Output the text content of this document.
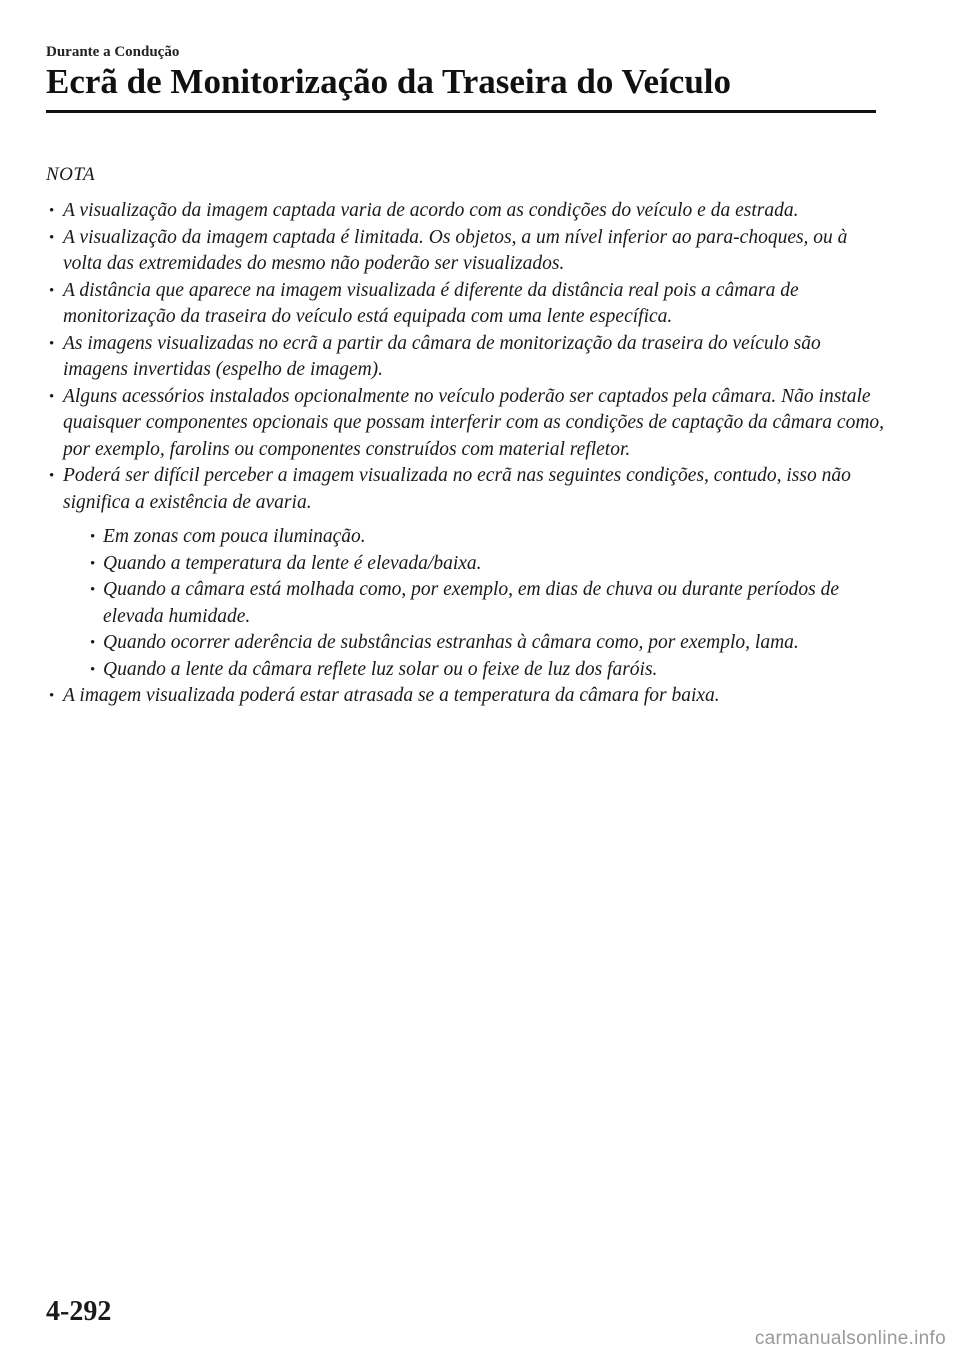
Durante a Condução
Ecrã de Monitorização da Traseira do Veículo
NOTA
• A visualização da imagem captada varia de acordo com as condições do veículo e da estrada.
• A visualização da imagem captada é limitada. Os objetos, a um nível inferior ao para-choques, ou à volta das extremidades do mesmo não poderão ser visualizados.
• A distância que aparece na imagem visualizada é diferente da distância real pois a câmara de monitorização da traseira do veículo está equipada com uma lente específica.
• As imagens visualizadas no ecrã a partir da câmara de monitorização da traseira do veículo são imagens invertidas (espelho de imagem).
• Alguns acessórios instalados opcionalmente no veículo poderão ser captados pela câmara. Não instale quaisquer componentes opcionais que possam interferir com as condições de captação da câmara como, por exemplo, farolins ou componentes construídos com material refletor.
• Poderá ser difícil perceber a imagem visualizada no ecrã nas seguintes condições, contudo, isso não significa a existência de avaria.
• Em zonas com pouca iluminação.
• Quando a temperatura da lente é elevada/baixa.
• Quando a câmara está molhada como, por exemplo, em dias de chuva ou durante períodos de elevada humidade.
• Quando ocorrer aderência de substâncias estranhas à câmara como, por exemplo, lama.
• Quando a lente da câmara reflete luz solar ou o feixe de luz dos faróis.
• A imagem visualizada poderá estar atrasada se a temperatura da câmara for baixa.
4-292
carmanualsonline.info
